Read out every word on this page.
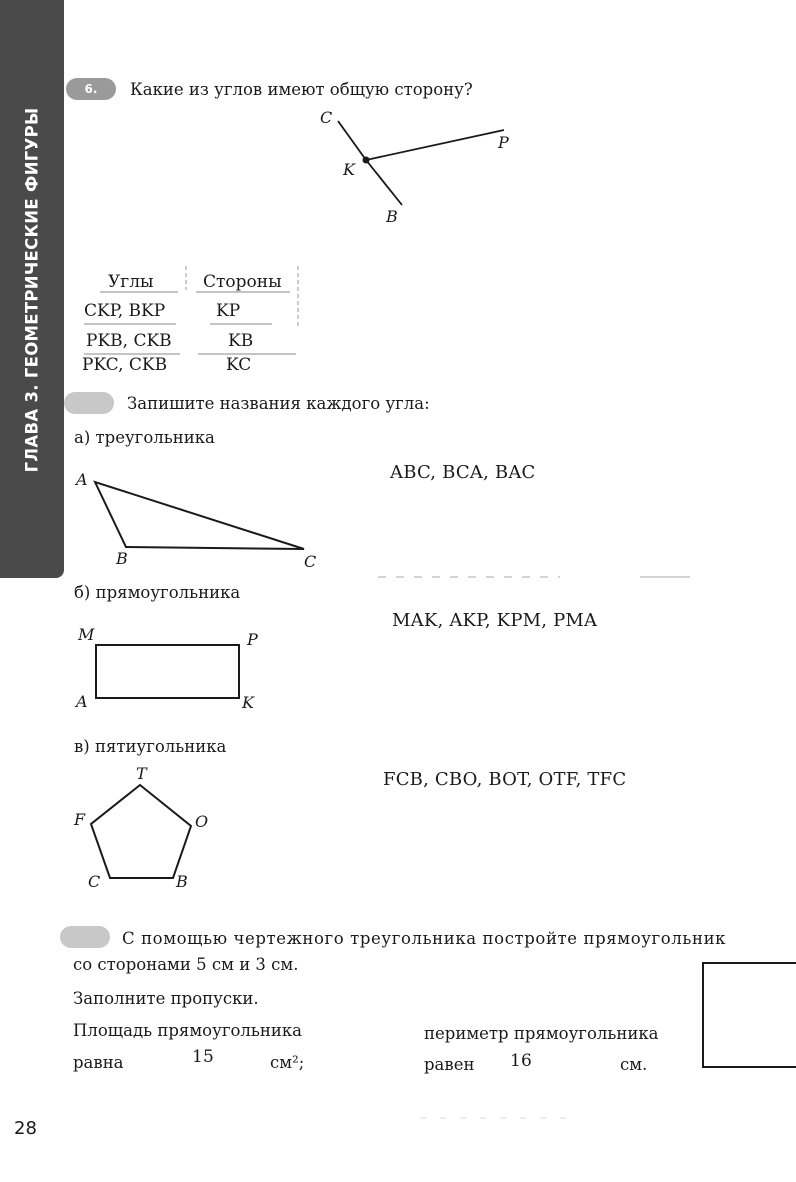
ГЛАВА 3. ГЕОМЕТРИЧЕСКИЕ ФИГУРЫ
6.	Какие из углов имеют общую сторону?
C
P
K
B
Углы	Стороны
CKP, BKP	KP
PKB, CKB	KB
PKC, CKB	KC
Запишите названия каждого угла:
а) треугольника
ABC, BCA, BAC
A
B	C
б) прямоугольника
MAK, AKP, KPM, PMA
M	P
A	K
в) пятиугольника
FCB, CBO, BOT, OTF, TFC
T
F	O
C	B
С помощью чертежного треугольника постройте прямоугольник
со сторонами 5 см и 3 см.
Заполните пропуски.
Площадь прямоугольника
равна	15	см²;
периметр прямоугольника
равен 16	см.
28
